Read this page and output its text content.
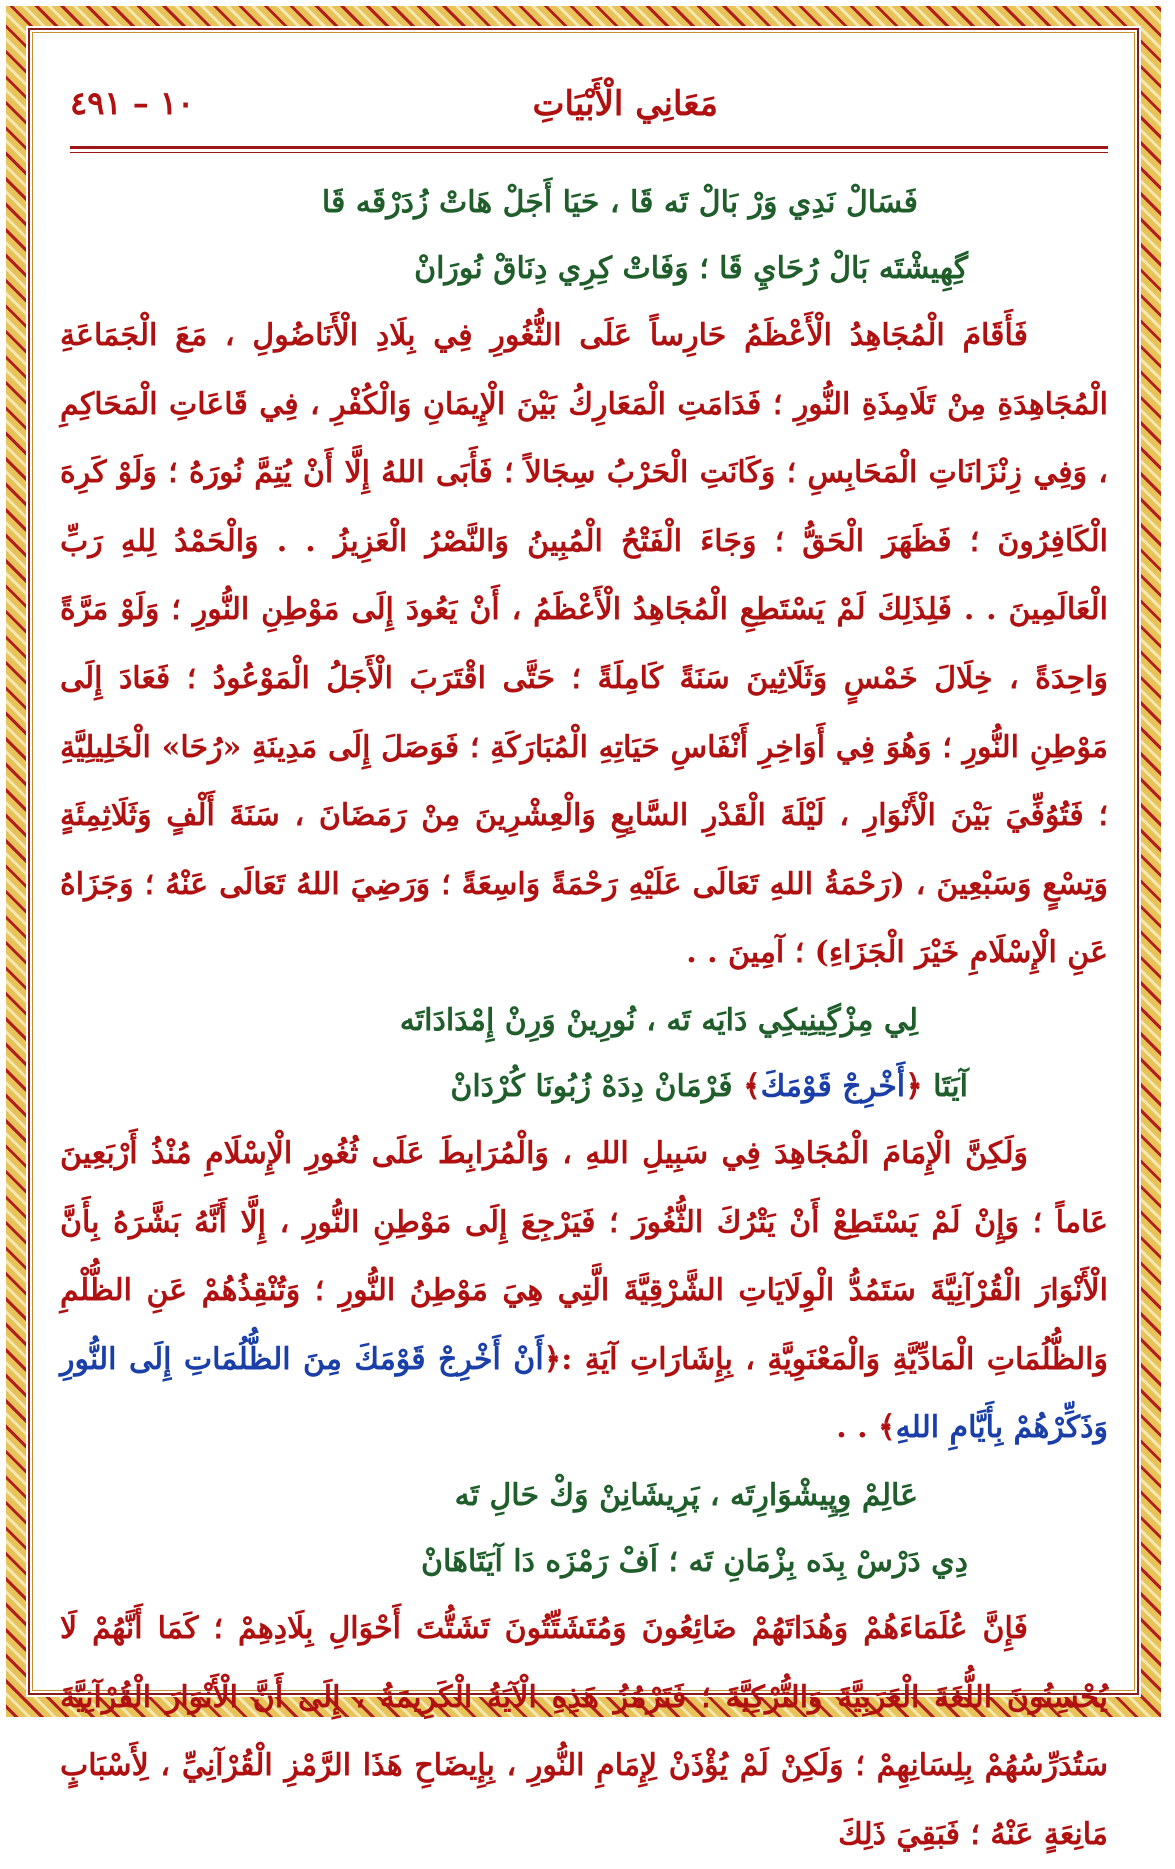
مَعَانِي الْأَبْيَاتِ
١٠ – ٤٩١
فَسَالْ نَدِي وَرْ بَالْ تَه قَا ، حَيَا أَجَلْ هَاتْ زُدَرْقَه قَا
گِهِيشْتَه بَالْ رُحَايِ قَا ؛ وَفَاتْ كِرِي دِنَاقْ نُورَانْ

فَأَقَامَ الْمُجَاهِدُ الْأَعْظَمُ حَارِساً عَلَى الثُّغُورِ فِي بِلَادِ الْأَنَاضُولِ ، مَعَ الْجَمَاعَةِ الْمُجَاهِدَةِ مِنْ تَلَامِذَةِ النُّورِ ؛ فَدَامَتِ الْمَعَارِكُ بَيْنَ الْإِيمَانِ وَالْكُفْرِ ، فِي قَاعَاتِ الْمَحَاكِمِ ، وَفِي زِنْزَانَاتِ الْمَحَابِسِ ؛ وَكَانَتِ الْحَرْبُ سِجَالاً ؛ فَأَبَى اللهُ إِلَّا أَنْ يُتِمَّ نُورَهُ ؛ وَلَوْ كَرِهَ الْكَافِرُونَ ؛ فَظَهَرَ الْحَقُّ ؛ وَجَاءَ الْفَتْحُ الْمُبِينُ وَالنَّصْرُ الْعَزِيزُ . . وَالْحَمْدُ لِلهِ رَبِّ الْعَالَمِينَ . . فَلِذَلِكَ لَمْ يَسْتَطِعِ الْمُجَاهِدُ الْأَعْظَمُ ، أَنْ يَعُودَ إِلَى مَوْطِنِ النُّورِ ؛ وَلَوْ مَرَّةً وَاحِدَةً ، خِلَالَ خَمْسٍ وَثَلَاثِينَ سَنَةً كَامِلَةً ؛ حَتَّى اقْتَرَبَ الْأَجَلُ الْمَوْعُودُ ؛ فَعَادَ إِلَى مَوْطِنِ النُّورِ ؛ وَهُوَ فِي أَوَاخِرِ أَنْفَاسِ حَيَاتِهِ الْمُبَارَكَةِ ؛ فَوَصَلَ إِلَى مَدِينَةِ «رُحَا» الْخَلِيلِيَّةِ ؛ فَتُوُفِّيَ بَيْنَ الْأَنْوَارِ ، لَيْلَةَ الْقَدْرِ السَّابِعِ وَالْعِشْرِينَ مِنْ رَمَضَانَ ، سَنَةَ أَلْفٍ وَثَلَاثِمِئَةٍ وَتِسْعٍ وَسَبْعِينَ ، (رَحْمَةُ اللهِ تَعَالَى عَلَيْهِ رَحْمَةً وَاسِعَةً ؛ وَرَضِيَ اللهُ تَعَالَى عَنْهُ ؛ وَجَزَاهُ عَنِ الْإِسْلَامِ خَيْرَ الْجَزَاءِ) ؛ آمِينَ . .

لِي مِزْگِينِيكِي دَايَه تَه ، نُورِينْ وَرِنْ إِمْدَادَاتَه
آيَتَا ﴿أَخْرِجْ قَوْمَكَ﴾ فَرْمَانْ دِدَهْ زُبُونَا كُرْدَانْ

وَلَكِنَّ الْإِمَامَ الْمُجَاهِدَ فِي سَبِيلِ اللهِ ، وَالْمُرَابِطَ عَلَى ثُغُورِ الْإِسْلَامِ مُنْذُ أَرْبَعِينَ عَاماً ؛ وَإِنْ لَمْ يَسْتَطِعْ أَنْ يَتْرُكَ الثُّغُورَ ؛ فَيَرْجِعَ إِلَى مَوْطِنِ النُّورِ ، إِلَّا أَنَّهُ بَشَّرَهُ بِأَنَّ الْأَنْوَارَ الْقُرْآنِيَّةَ سَتَمُدُّ الْوِلَايَاتِ الشَّرْقِيَّةَ الَّتِي هِيَ مَوْطِنُ النُّورِ ؛ وَتُنْقِذُهُمْ عَنِ الظُّلْمِ وَالظُّلُمَاتِ الْمَادِّيَّةِ وَالْمَعْنَوِيَّةِ ، بِإِشَارَاتِ آيَةِ :﴿أَنْ أَخْرِجْ قَوْمَكَ مِنَ الظُّلُمَاتِ إِلَى النُّورِ وَذَكِّرْهُمْ بِأَيَّامِ اللهِ﴾ . .

عَالِمْ وِپِيشْوَارِتَه ، پَرِيشَانِنْ وَكْ حَالِ تَه
دِي دَرْسْ بِدَه بِزْمَانِ تَه ؛ اَفْ رَمْزَه دَا آيَتَاهَانْ

فَإِنَّ عُلَمَاءَهُمْ وَهُدَاتَهُمْ ضَائِعُونَ وَمُتَشَتِّتُونَ تَشَتُّتَ أَحْوَالِ بِلَادِهِمْ ؛ كَمَا أَنَّهُمْ لَا يُحْسِنُونَ اللُّغَةَ الْعَرَبِيَّةَ وَالتُّرْكِيَّةَ ؛ فَتَرْمُزُ هَذِهِ الْآيَةُ الْكَرِيمَةُ ، إِلَى أَنَّ الْأَنْوَارَ الْقُرْآنِيَّةَ سَتُدَرِّسُهُمْ بِلِسَانِهِمْ ؛ وَلَكِنْ لَمْ يُؤْذَنْ لِإِمَامِ النُّورِ ، بِإِيضَاحِ هَذَا الرَّمْزِ الْقُرْآنِيِّ ، لِأَسْبَابٍ مَانِعَةٍ عَنْهُ ؛ فَبَقِيَ ذَلِكَ
